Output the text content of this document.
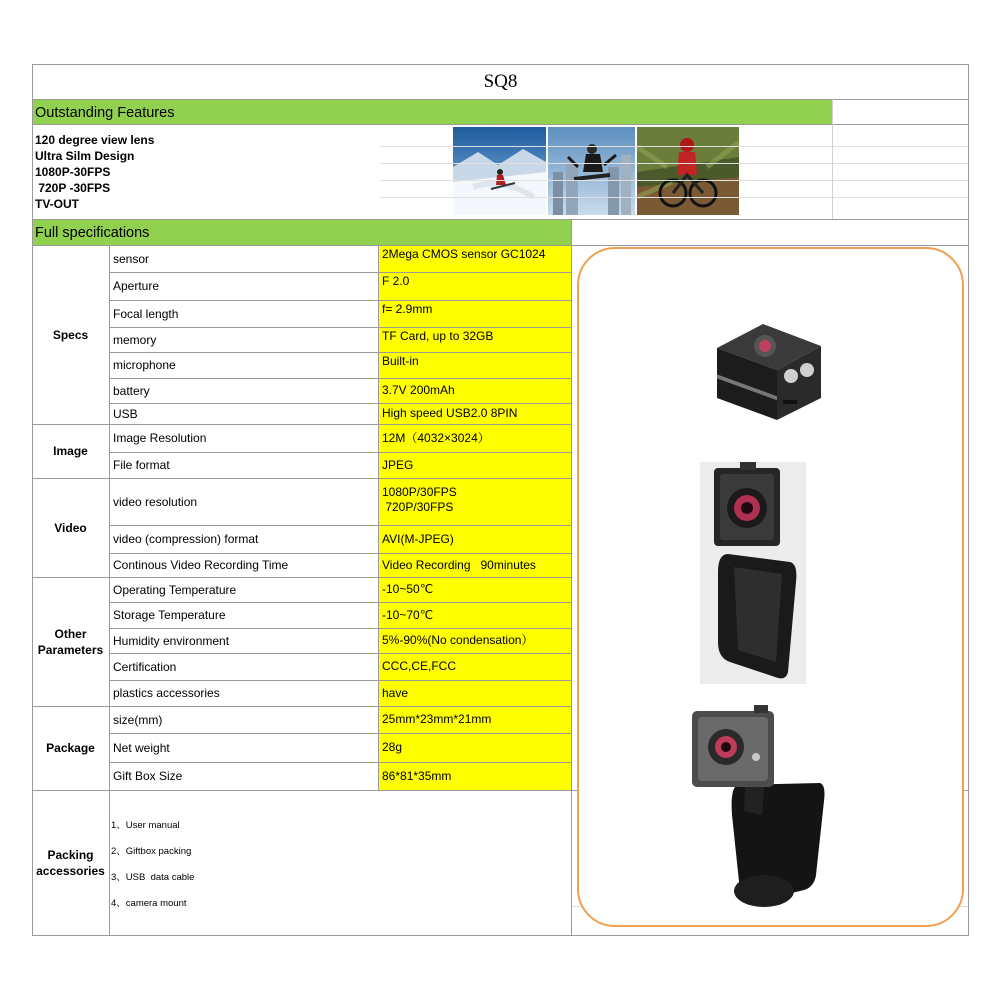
SQ8
Outstanding Features
120 degree view lens
Ultra Silm Design
1080P-30FPS
720P -30FPS
TV-OUT
Full specifications
Specs
Image
Video
Other
Parameters
Package
Packing
accessories
2Mega CMOS sensor GC1024
F 2.0
f= 2.9mm
TF Card, up to 32GB
Built-in
3.7V 200mAh
High speed USB2.0 8PIN
12M（4032×3024）
JPEG
1080P/30FPS
720P/30FPS
AVI(M-JPEG)
Video Recording   90minutes
-10~50℃
-10~70℃
5%-90%(No condensation）
CCC,CE,FCC
have
25mm*23mm*21mm
28g
86*81*35mm
sensor
Aperture
Focal length
memory
microphone
battery
USB
Image Resolution
File format
video resolution
video (compression) format
Continous Video Recording Time
Operating Temperature
Storage Temperature
Humidity environment
Certification
plastics accessories
size(mm)
Net weight
Gift Box Size
1、User manual
2、Giftbox packing
3、USB  data cable
4、camera mount
